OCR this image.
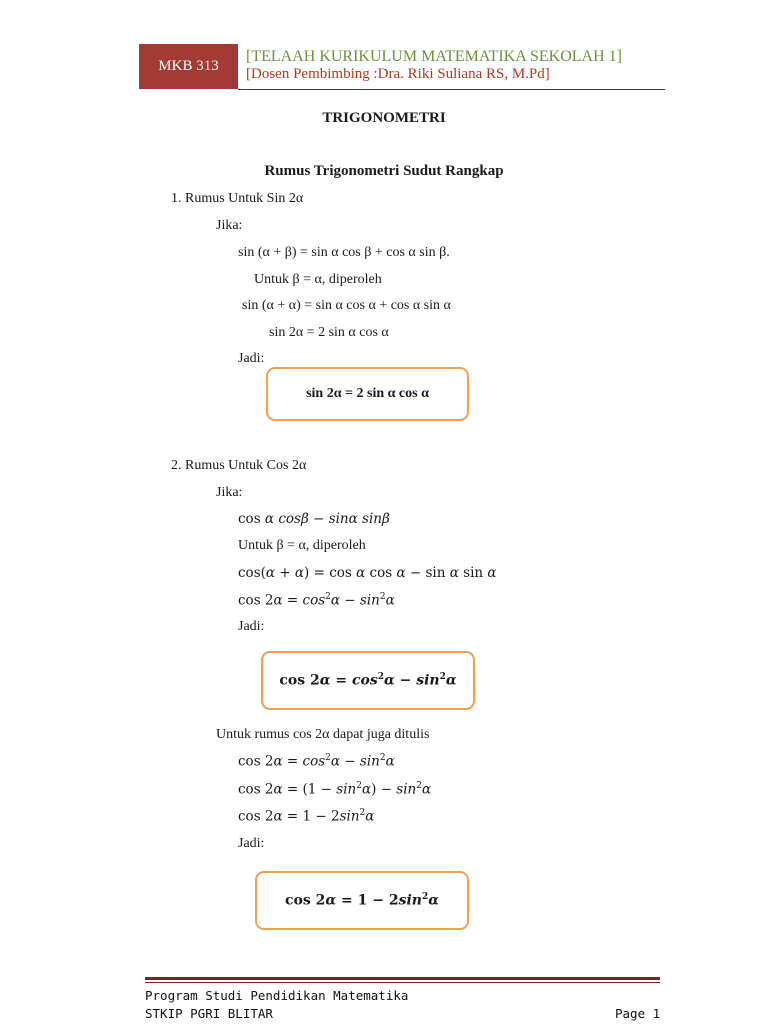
MKB 313
[TELAAH KURIKULUM MATEMATIKA SEKOLAH 1]
[Dosen Pembimbing :Dra. Riki Suliana RS, M.Pd]
TRIGONOMETRI
Rumus Trigonometri Sudut Rangkap
1. Rumus Untuk Sin 2α
Jika:
sin (α + β) = sin α cos β + cos α sin β.
Untuk β = α, diperoleh
sin (α + α) = sin α cos α + cos α sin α
sin 2α = 2 sin α cos α
Jadi:
sin 2α = 2 sin α cos α
2. Rumus Untuk Cos 2α
Jika:
cos α cosβ − sinα sinβ
Untuk β = α, diperoleh
cos(α + α) = cos α cos α − sin α sin α
$\cos 2\alpha = \cos^2\alpha - \sin^2\alpha$
Jadi:
$\cos 2\alpha = \cos^2\alpha - \sin^2\alpha$
Untuk rumus cos 2α dapat juga ditulis
$\cos 2\alpha = \cos^2\alpha - \sin^2\alpha$
$\cos 2\alpha = (1 - \sin^2\alpha) - \sin^2\alpha$
$\cos 2\alpha = 1 - 2\sin^2\alpha$
Jadi:
$\cos 2\alpha = 1 - 2\sin^2\alpha$
Program Studi Pendidikan Matematika
STKIP PGRI BLITAR	Page 1
